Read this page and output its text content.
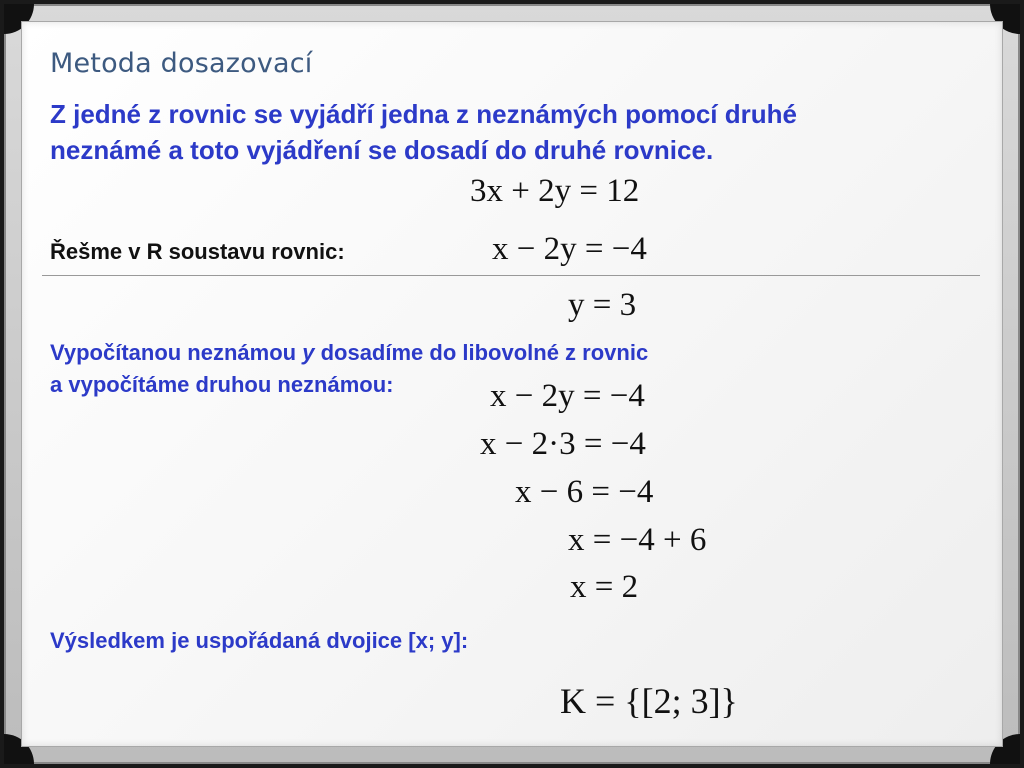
Metoda dosazovací
Z jedné z rovnic se vyjádří jedna z neznámých pomocí druhé
neznámé a toto vyjádření se dosadí do druhé rovnice.
3x + 2y = 12
Řešme v R soustavu rovnic:	x − 2y = −4
y = 3
Vypočítanou neznámou y dosadíme do libovolné z rovnic
a vypočítáme druhou neznámou:	x − 2y = −4
x − 2·3 = −4
x − 6 = −4
x = −4 + 6
x = 2
Výsledkem je uspořádaná dvojice [x; y]:
K = {[2; 3]}
